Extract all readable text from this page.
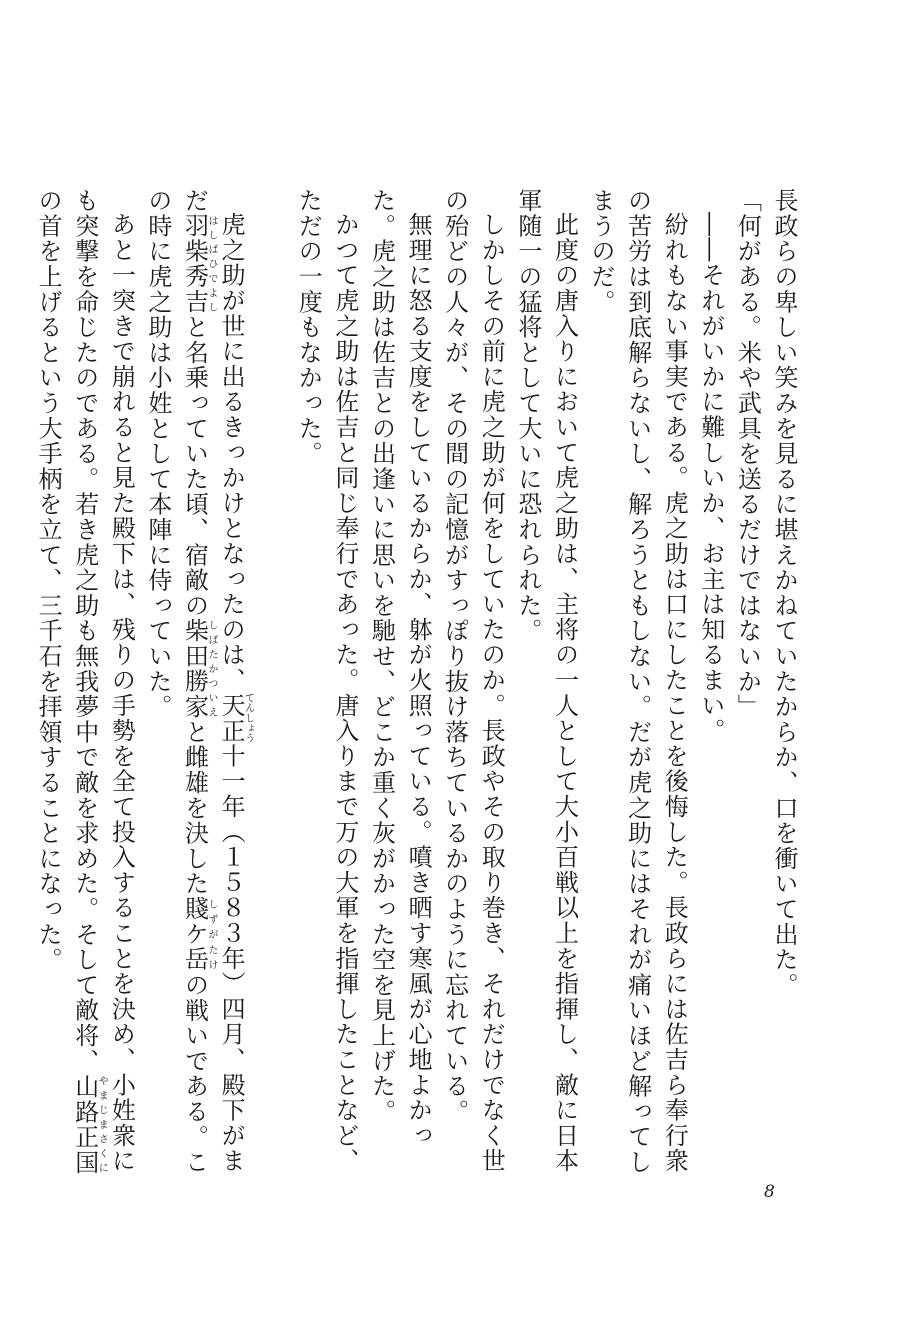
長政らの卑しい笑みを見るに堪えかねていたからか、口を衝いて出た。

「何がある。米や武具を送るだけではないか」

――それがいかに難しいか、お主は知るまい。

紛れもない事実である。虎之助は口にしたことを後悔した。長政らには佐吉ら奉行衆の苦労は到底解らないし、解ろうともしない。だが虎之助にはそれが痛いほど解ってしまうのだ。

此度の唐入りにおいて虎之助は、主将の一人として大小百戦以上を指揮し、敵に日本軍随一の猛将として大いに恐れられた。

しかしその前に虎之助が何をしていたのか。長政やその取り巻き、それだけでなく世の殆どの人々が、その間の記憶がすっぽり抜け落ちているかのように忘れている。

無理に怒る支度をしているからか、躰が火照っている。噴き晒す寒風が心地よかった。虎之助は佐吉との出逢いに思いを馳せ、どこか重く灰がかった空を見上げた。

かつて虎之助は佐吉と同じ奉行であった。唐入りまで万の大軍を指揮したことなど、ただの一度もなかった。

虎之助が世に出るきっかけとなったのは、天正てんしょう十一年（１５８３年）四月、殿下がまだ羽柴秀吉はしばひでよしと名乗っていた頃、宿敵の柴田勝家しばたかついえと雌雄を決した賤ケ岳しずがたけの戦いである。この時に虎之助は小姓として本陣に侍っていた。

あと一突きで崩れると見た殿下は、残りの手勢を全て投入することを決め、小姓衆にも突撃を命じたのである。若き虎之助も無我夢中で敵を求めた。そして敵将、山路正国やまじまさくにの首を上げるという大手柄を立て、三千石を拝領することになった。

8
